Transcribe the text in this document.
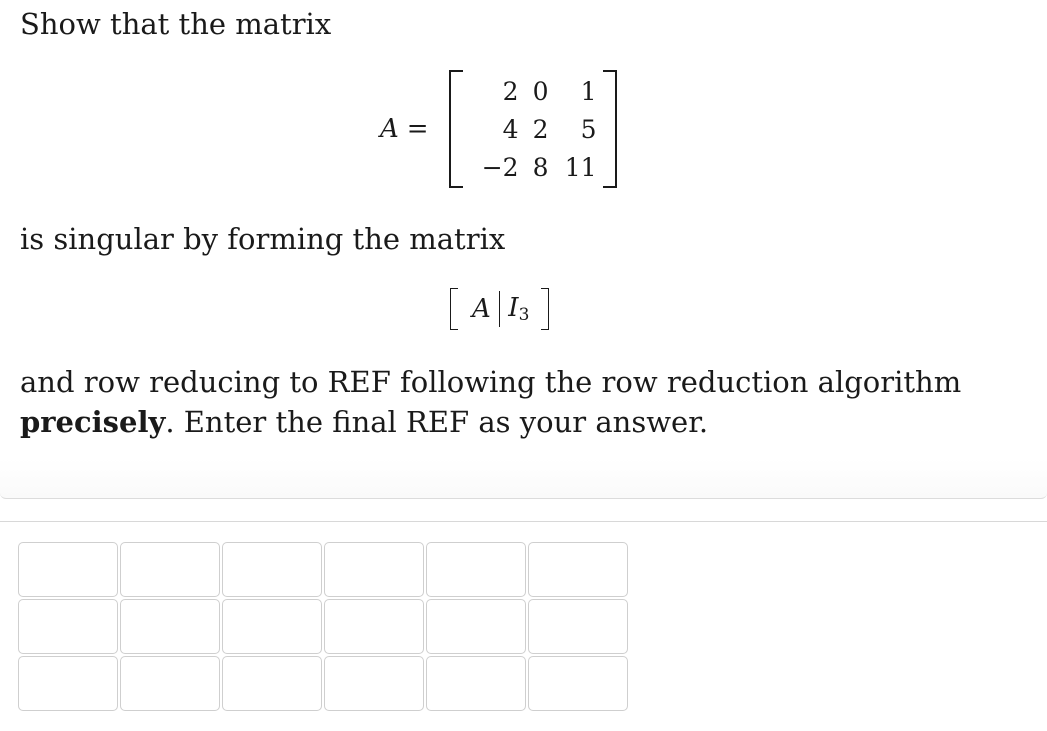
Show that the matrix

A =
2 0	1
4 2	5
−2 8 11

is singular by forming the matrix

A $I_3$

and row reducing to REF following the row reduction algorithm precisely. Enter the final REF as your answer.
